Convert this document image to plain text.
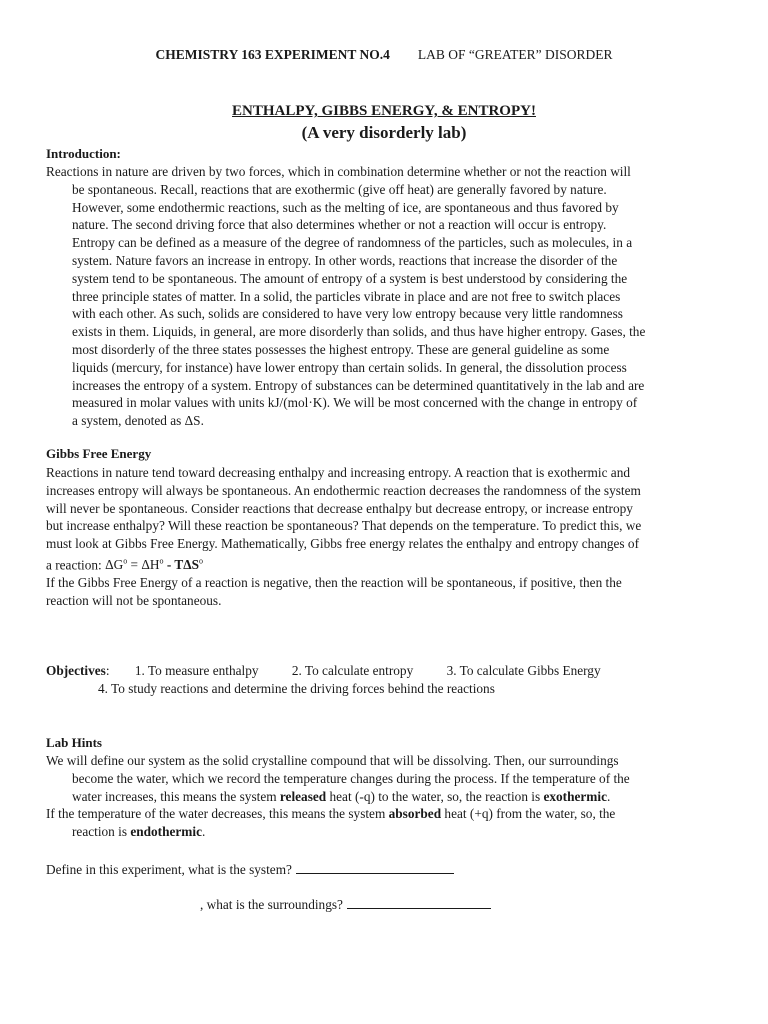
CHEMISTRY 163 EXPERIMENT NO.4 LAB OF “GREATER” DISORDER
ENTHALPY, GIBBS ENERGY, & ENTROPY!
(A very disorderly lab)
Introduction:
Reactions in nature are driven by two forces, which in combination determine whether or not the reaction will
be spontaneous. Recall, reactions that are exothermic (give off heat) are generally favored by nature.
However, some endothermic reactions, such as the melting of ice, are spontaneous and thus favored by
nature. The second driving force that also determines whether or not a reaction will occur is entropy.
Entropy can be defined as a measure of the degree of randomness of the particles, such as molecules, in a
system. Nature favors an increase in entropy. In other words, reactions that increase the disorder of the
system tend to be spontaneous. The amount of entropy of a system is best understood by considering the
three principle states of matter. In a solid, the particles vibrate in place and are not free to switch places
with each other. As such, solids are considered to have very low entropy because very little randomness
exists in them. Liquids, in general, are more disorderly than solids, and thus have higher entropy. Gases, the
most disorderly of the three states possesses the highest entropy. These are general guideline as some
liquids (mercury, for instance) have lower entropy than certain solids. In general, the dissolution process
increases the entropy of a system. Entropy of substances can be determined quantitatively in the lab and are
measured in molar values with units kJ/(mol·K). We will be most concerned with the change in entropy of
a system, denoted as ΔS.
Gibbs Free Energy
Reactions in nature tend toward decreasing enthalpy and increasing entropy. A reaction that is exothermic and
increases entropy will always be spontaneous. An endothermic reaction decreases the randomness of the system
will never be spontaneous. Consider reactions that decrease enthalpy but decrease entropy, or increase entropy
but increase enthalpy? Will these reaction be spontaneous? That depends on the temperature. To predict this, we
must look at Gibbs Free Energy. Mathematically, Gibbs free energy relates the enthalpy and entropy changes of
a reaction: $\Delta G^o = \Delta H^o - T\Delta S^o$
If the Gibbs Free Energy of a reaction is negative, then the reaction will be spontaneous, if positive, then the
reaction will not be spontaneous.
Objectives: 1. To measure enthalpy	2. To calculate entropy	3. To calculate Gibbs Energy
4. To study reactions and determine the driving forces behind the reactions
Lab Hints
We will define our system as the solid crystalline compound that will be dissolving. Then, our surroundings
become the water, which we record the temperature changes during the process. If the temperature of the
water increases, this means the system released heat (-q) to the water, so, the reaction is exothermic.
If the temperature of the water decreases, this means the system absorbed heat (+q) from the water, so, the
reaction is endothermic.
Define in this experiment, what is the system?
, what is the surroundings?
